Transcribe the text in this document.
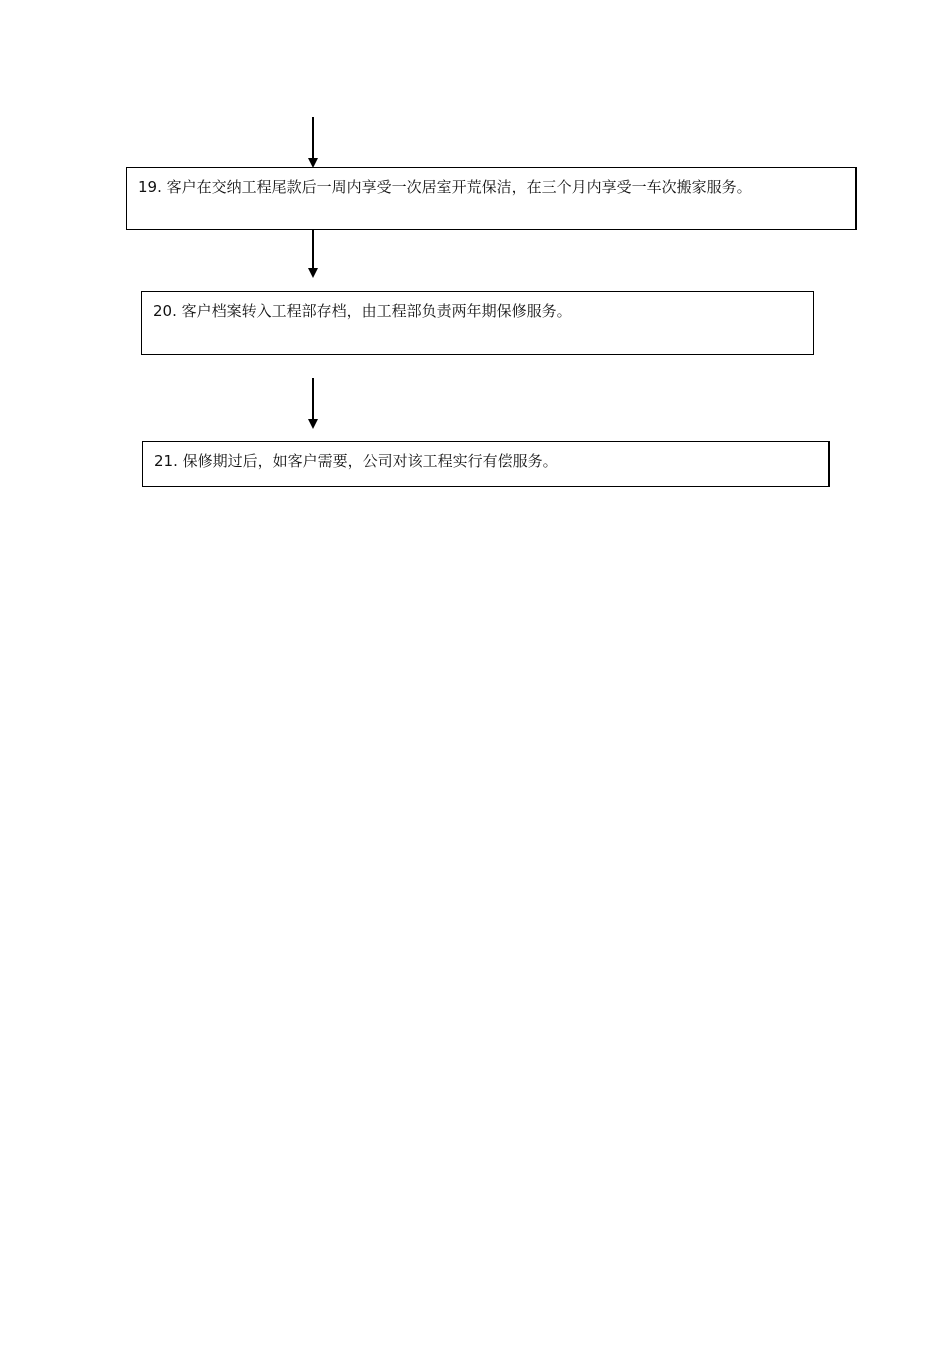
19. 客户在交纳工程尾款后一周内享受一次居室开荒保洁，在三个月内享受一车次搬家服务。
20. 客户档案转入工程部存档，由工程部负责两年期保修服务。
21. 保修期过后，如客户需要，公司对该工程实行有偿服务。
